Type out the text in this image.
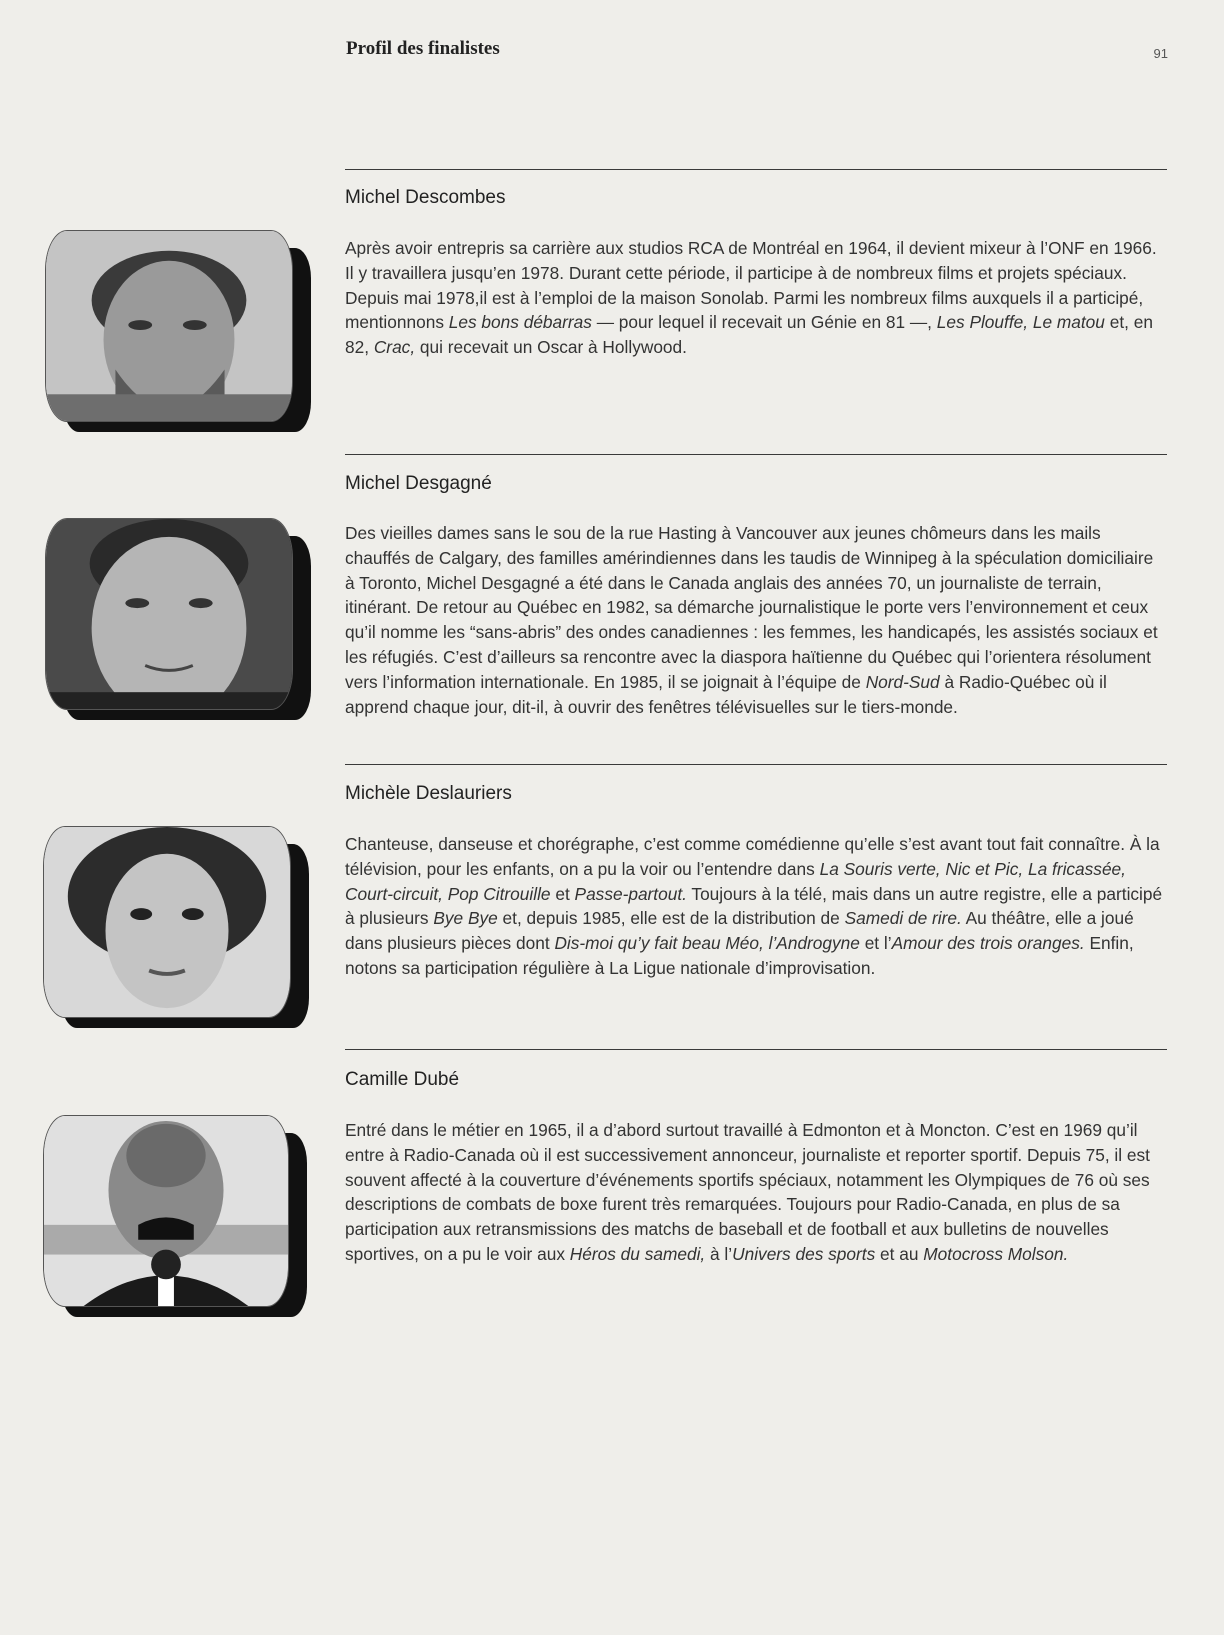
Profil des finalistes	91
Michel Descombes
Après avoir entrepris sa carrière aux studios RCA de Montréal en 1964, il devient mixeur à l’ONF en 1966. Il y travaillera jusqu’en 1978. Durant cette période, il participe à de nombreux films et projets spéciaux. Depuis mai 1978,il est à l’emploi de la maison Sonolab. Parmi les nombreux films auxquels il a participé, mentionnons Les bons débarras — pour lequel il recevait un Génie en 81 —, Les Plouffe, Le matou et, en 82, Crac, qui recevait un Oscar à Hollywood.
Michel Desgagné
Des vieilles dames sans le sou de la rue Hasting à Vancouver aux jeunes chômeurs dans les mails chauffés de Calgary, des familles amérindiennes dans les taudis de Winnipeg à la spéculation domiciliaire à Toronto, Michel Desgagné a été dans le Canada anglais des années 70, un journaliste de terrain, itinérant. De retour au Québec en 1982, sa démarche journalistique le porte vers l’environnement et ceux qu’il nomme les “sans-abris” des ondes canadiennes : les femmes, les handicapés, les assistés sociaux et les réfugiés. C’est d’ailleurs sa rencontre avec la diaspora haïtienne du Québec qui l’orientera résolument vers l’information internationale. En 1985, il se joignait à l’équipe de Nord-Sud à Radio-Québec où il apprend chaque jour, dit-il, à ouvrir des fenêtres télévisuelles sur le tiers-monde.
Michèle Deslauriers
Chanteuse, danseuse et chorégraphe, c’est comme comédienne qu’elle s’est avant tout fait connaître. À la télévision, pour les enfants, on a pu la voir ou l’entendre dans La Souris verte, Nic et Pic, La fricassée, Court-circuit, Pop Citrouille et Passe-partout. Toujours à la télé, mais dans un autre registre, elle a participé à plusieurs Bye Bye et, depuis 1985, elle est de la distribution de Samedi de rire. Au théâtre, elle a joué dans plusieurs pièces dont Dis-moi qu’y fait beau Méo, l’Androgyne et l’Amour des trois oranges. Enfin, notons sa participation régulière à La Ligue nationale d’improvisation.
Camille Dubé
Entré dans le métier en 1965, il a d’abord surtout travaillé à Edmonton et à Moncton. C’est en 1969 qu’il entre à Radio-Canada où il est successivement annonceur, journaliste et reporter sportif. Depuis 75, il est souvent affecté à la couverture d’événements sportifs spéciaux, notamment les Olympiques de 76 où ses descriptions de combats de boxe furent très remarquées. Toujours pour Radio-Canada, en plus de sa participation aux retransmissions des matchs de baseball et de football et aux bulletins de nouvelles sportives, on a pu le voir aux Héros du samedi, à l’Univers des sports et au Motocross Molson.
